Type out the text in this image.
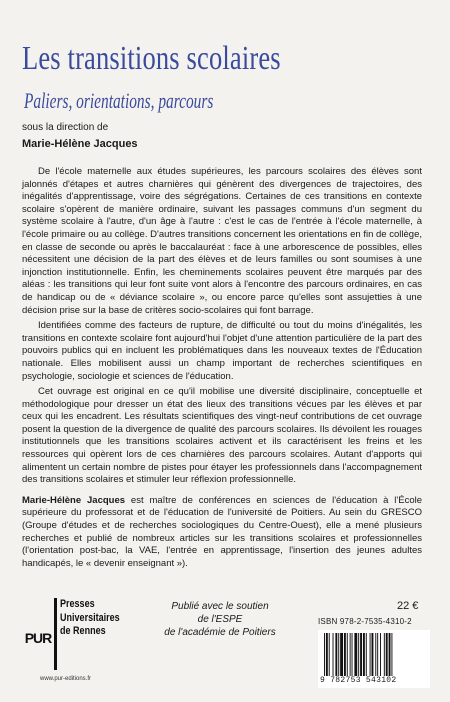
Les transitions scolaires
Paliers, orientations, parcours
sous la direction de
Marie-Hélène Jacques

De l'école maternelle aux études supérieures, les parcours scolaires des élèves sont jalonnés d'étapes et autres charnières qui génèrent des divergences de trajectoires, des inégalités d'apprentissage, voire des ségrégations. Certaines de ces transitions en contexte scolaire s'opèrent de manière ordinaire, suivant les passages communs d'un segment du système scolaire à l'autre, d'un âge à l'autre : c'est le cas de l'entrée à l'école maternelle, à l'école primaire ou au collège. D'autres transitions concernent les orientations en fin de collège, en classe de seconde ou après le baccalauréat : face à une arborescence de possibles, elles nécessitent une décision de la part des élèves et de leurs familles ou sont soumises à une injonction institutionnelle. Enfin, les cheminements scolaires peuvent être marqués par des aléas : les transitions qui leur font suite vont alors à l'encontre des parcours ordinaires, en cas de handicap ou de « déviance scolaire », ou encore parce qu'elles sont assujetties à une décision prise sur la base de critères socio-scolaires qui font barrage.

Identifiées comme des facteurs de rupture, de difficulté ou tout du moins d'inégalités, les transitions en contexte scolaire font aujourd'hui l'objet d'une attention particulière de la part des pouvoirs publics qui en incluent les problématiques dans les nouveaux textes de l'Éducation nationale. Elles mobilisent aussi un champ important de recherches scientifiques en psychologie, sociologie et sciences de l'éducation.

Cet ouvrage est original en ce qu'il mobilise une diversité disciplinaire, conceptuelle et méthodologique pour dresser un état des lieux des transitions vécues par les élèves et par ceux qui les encadrent. Les résultats scientifiques des vingt-neuf contributions de cet ouvrage posent la question de la divergence de qualité des parcours scolaires. Ils dévoilent les rouages institutionnels que les transitions scolaires activent et ils caractérisent les freins et les ressources qui opèrent lors de ces charnières des parcours scolaires. Autant d'apports qui alimentent un certain nombre de pistes pour étayer les professionnels dans l'accompagnement des transitions scolaires et stimuler leur réflexion professionnelle.

Marie-Hélène Jacques est maître de conférences en sciences de l'éducation à l'École supérieure du professorat et de l'éducation de l'université de Poitiers. Au sein du GRESCO (Groupe d'études et de recherches sociologiques du Centre-Ouest), elle a mené plusieurs recherches et publié de nombreux articles sur les transitions scolaires et professionnelles (l'orientation post-bac, la VAE, l'entrée en apprentissage, l'insertion des jeunes adultes handicapés, le « devenir enseignant »).

PUR
Presses
Universitaires
de Rennes
www.pur-editions.fr
Publié avec le soutien
de l'ESPE
de l'académie de Poitiers
22 €
ISBN 978-2-7535-4310-2
9 782753 543102
